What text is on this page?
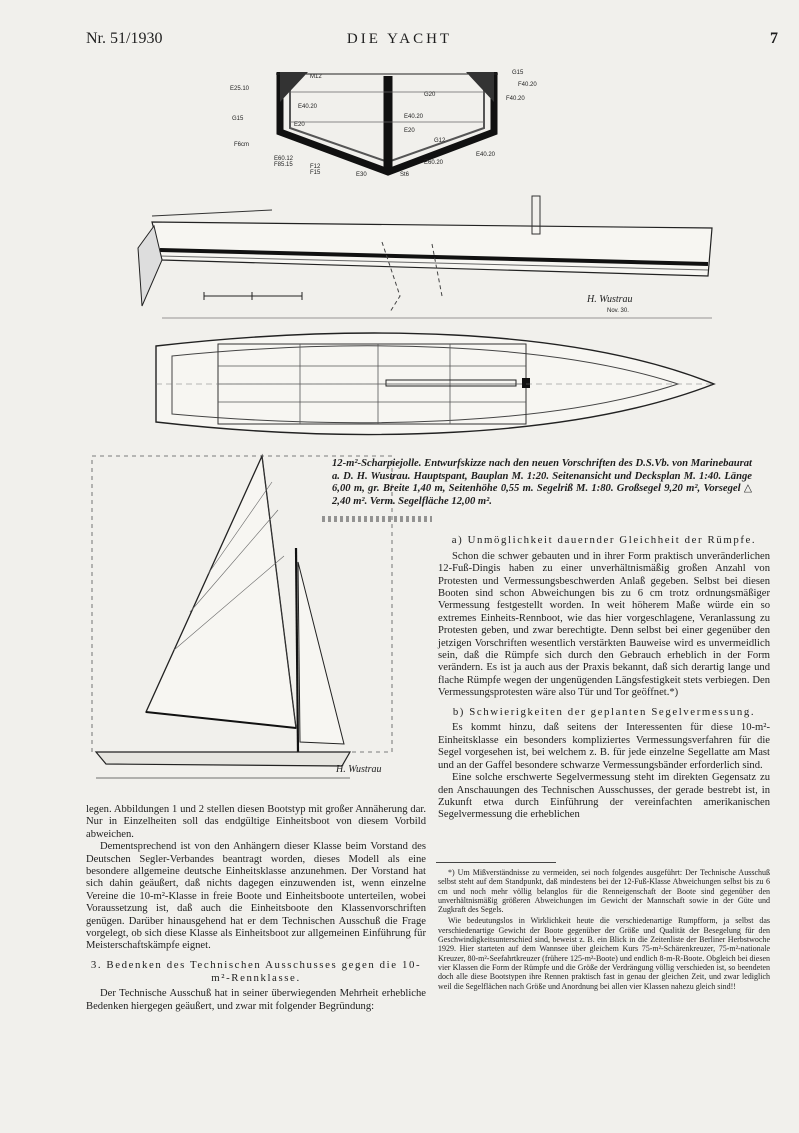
Nr. 51/1930	DIE YACHT	7
E25.10
M12
E40.20
E20
G15
F6cm
E60.12
F85.15	F12
F15	E30	St6
G20
E40.20
E20
G12
E60.20
E40.20
G15
F40.20
F40.20
H. Wustrau
Nov. 30.
H. Wustrau
12-m²-Scharpiejolle. Entwurfskizze nach den neuen Vorschriften des D.S.Vb. von Marinebaurat a. D. H. Wustrau. Hauptspant, Bauplan M. 1:20. Seitenansicht und Decksplan M. 1:40. Länge 6,00 m, gr. Breite 1,40 m, Seitenhöhe 0,55 m. Segelriß M. 1:80. Großsegel 9,20 m², Vorsegel △ 2,40 m². Verm. Segelfläche 12,00 m².

legen. Abbildungen 1 und 2 stellen diesen Bootstyp mit großer Annäherung dar. Nur in Einzelheiten soll das endgültige Einheitsboot von diesem Vorbild abweichen.

Dementsprechend ist von den Anhängern dieser Klasse beim Vorstand des Deutschen Segler-Verbandes beantragt worden, dieses Modell als eine besondere allgemeine deutsche Einheitsklasse anzunehmen. Der Vorstand hat sich dahin geäußert, daß nichts dagegen einzuwenden ist, wenn einzelne Vereine die 10-m²-Klasse in freie Boote und Einheitsboote unterteilen, wobei Voraussetzung ist, daß auch die Einheitsboote den Klassenvorschriften genügen. Darüber hinausgehend hat er dem Technischen Ausschuß die Frage vorgelegt, ob sich diese Klasse als Einheitsboot zur allgemeinen Einführung für Meisterschaftskämpfe eignet.

3. Bedenken des Technischen Ausschusses gegen die 10-m²-Rennklasse.

Der Technische Ausschuß hat in seiner überwiegenden Mehrheit erhebliche Bedenken hiergegen geäußert, und zwar mit folgender Begründung:

a) Unmöglichkeit dauernder Gleichheit der Rümpfe.

Schon die schwer gebauten und in ihrer Form praktisch unveränderlichen 12-Fuß-Dingis haben zu einer unverhältnismäßig großen Anzahl von Protesten und Vermessungsbeschwerden Anlaß gegeben. Selbst bei diesen Booten sind schon Abweichungen bis zu 6 cm trotz ordnungsmäßiger Vermessung festgestellt worden. In weit höherem Maße würde ein so extremes Einheits-Rennboot, wie das hier vorgeschlagene, Veranlassung zu Protesten geben, und zwar berechtigte. Denn selbst bei einer gegenüber den jetzigen Vorschriften wesentlich verstärkten Bauweise wird es unvermeidlich sein, daß die Rümpfe sich durch den Gebrauch erheblich in der Form verändern. Es ist ja auch aus der Praxis bekannt, daß sich derartig lange und flache Rümpfe wegen der ungenügenden Längsfestigkeit stets verbiegen. Den Vermessungsprotesten wäre also Tür und Tor geöffnet.*)

b) Schwierigkeiten der geplanten Segelvermessung.

Es kommt hinzu, daß seitens der Interessenten für diese 10-m²-Einheitsklasse ein besonders kompliziertes Vermessungsverfahren für die Segel vorgesehen ist, bei welchem z. B. für jede einzelne Segellatte am Mast und an der Gaffel besondere schwarze Vermessungsbänder erforderlich sind.

Eine solche erschwerte Segelvermessung steht im direkten Gegensatz zu den Anschauungen des Technischen Ausschusses, der gerade bestrebt ist, in Zukunft etwa durch Einführung der vereinfachten amerikanischen Segelvermessung die erheblichen

*) Um Mißverständnisse zu vermeiden, sei noch folgendes ausgeführt: Der Technische Ausschuß selbst steht auf dem Standpunkt, daß mindestens bei der 12-Fuß-Klasse Abweichungen selbst bis zu 6 cm und noch mehr völlig belanglos für die Renneigenschaft der Boote sind gegenüber den unverhältnismäßig größeren Abweichungen im Gewicht der Mannschaft sowie in der Güte und Zugkraft des Segels.

Wie bedeutungslos in Wirklichkeit heute die verschiedenartige Rumpfform, ja selbst das verschiedenartige Gewicht der Boote gegenüber der Größe und Qualität der Besegelung für den Geschwindigkeitsunterschied sind, beweist z. B. ein Blick in die Zeitenliste der Berliner Herbstwoche 1929. Hier starteten auf dem Wannsee über gleichem Kurs 75-m²-Schärenkreuzer, 75-m²-nationale Kreuzer, 80-m²-Seefahrtkreuzer (frühere 125-m²-Boote) und endlich 8-m-R-Boote. Obgleich bei diesen vier Klassen die Form der Rümpfe und die Größe der Verdrängung völlig verschieden ist, so beendeten doch alle diese Bootstypen ihre Rennen praktisch fast in genau der gleichen Zeit, und zwar lediglich weil die Segelflächen nach Größe und Anordnung bei allen vier Klassen nahezu gleich sind!!
